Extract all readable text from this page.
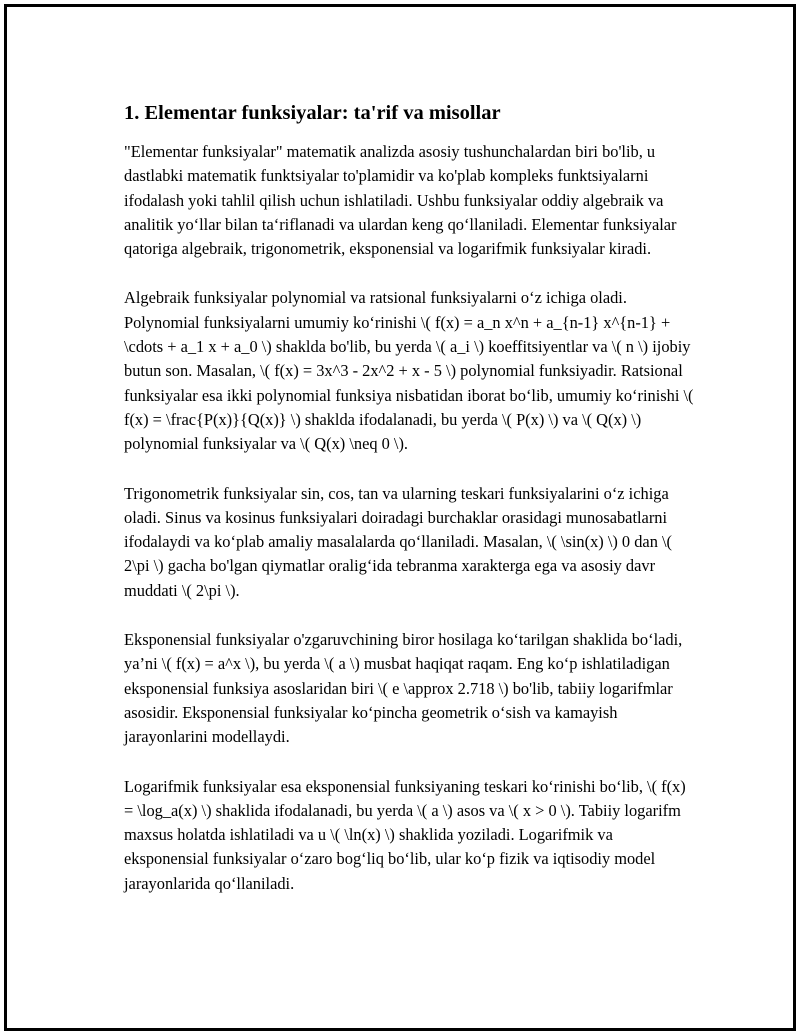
1. Elementar funksiyalar: ta'rif va misollar

"Elementar funksiyalar" matematik analizda asosiy tushunchalardan biri bo'lib, u dastlabki matematik funktsiyalar to'plamidir va ko'plab kompleks funktsiyalarni ifodalash yoki tahlil qilish uchun ishlatiladi. Ushbu funksiyalar oddiy algebraik va analitik yo‘llar bilan ta‘riflanadi va ulardan keng qo‘llaniladi. Elementar funksiyalar qatoriga algebraik, trigonometrik, eksponensial va logarifmik funksiyalar kiradi.

Algebraik funksiyalar polynomial va ratsional funksiyalarni o‘z ichiga oladi. Polynomial funksiyalarni umumiy ko‘rinishi \( f(x) = a_n x^n + a_{n-1} x^{n-1} + \cdots + a_1 x + a_0 \) shaklda bo'lib, bu yerda \( a_i \) koeffitsiyentlar va \( n \) ijobiy butun son. Masalan, \( f(x) = 3x^3 - 2x^2 + x - 5 \) polynomial funksiyadir. Ratsional funksiyalar esa ikki polynomial funksiya nisbatidan iborat bo‘lib, umumiy ko‘rinishi \( f(x) = \frac{P(x)}{Q(x)} \) shaklda ifodalanadi, bu yerda \( P(x) \) va \( Q(x) \) polynomial funksiyalar va \( Q(x) \neq 0 \).

Trigonometrik funksiyalar sin, cos, tan va ularning teskari funksiyalarini o‘z ichiga oladi. Sinus va kosinus funksiyalari doiradagi burchaklar orasidagi munosabatlarni ifodalaydi va ko‘plab amaliy masalalarda qo‘llaniladi. Masalan, \( \sin(x) \) 0 dan \( 2\pi \) gacha bo'lgan qiymatlar oralig‘ida tebranma xarakterga ega va asosiy davr muddati \( 2\pi \).

Eksponensial funksiyalar o'zgaruvchining biror hosilaga ko‘tarilgan shaklida bo‘ladi, ya’ni \( f(x) = a^x \), bu yerda \( a \) musbat haqiqat raqam. Eng ko‘p ishlatiladigan eksponensial funksiya asoslaridan biri \( e \approx 2.718 \) bo'lib, tabiiy logarifmlar asosidir. Eksponensial funksiyalar ko‘pincha geometrik o‘sish va kamayish jarayonlarini modellaydi.

Logarifmik funksiyalar esa eksponensial funksiyaning teskari ko‘rinishi bo‘lib, \( f(x) = \log_a(x) \) shaklida ifodalanadi, bu yerda \( a \) asos va \( x > 0 \). Tabiiy logarifm maxsus holatda ishlatiladi va u \( \ln(x) \) shaklida yoziladi. Logarifmik va eksponensial funksiyalar o‘zaro bog‘liq bo‘lib, ular ko‘p fizik va iqtisodiy model jarayonlarida qo‘llaniladi.
